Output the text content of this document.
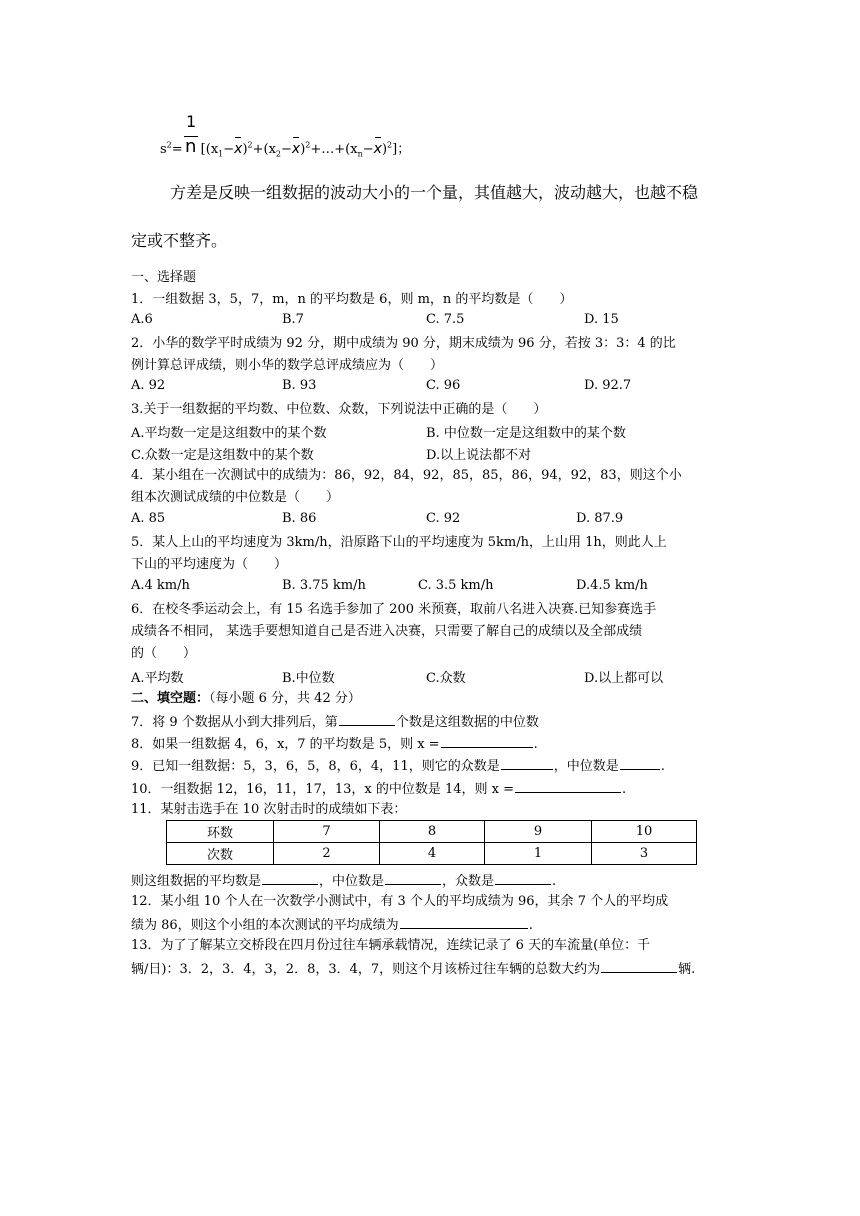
1
$s^2=$ $[(x_1-x)^2+(x_2-x)^2+\dots+(x_n-x)^2]$；
n
方差是反映一组数据的波动大小的一个量，其值越大，波动越大，也越不稳
定或不整齐。
一、选择题
1．一组数据 3，5，7，m，n 的平均数是 6，则 m，n 的平均数是（　　）
A.6	B.7	C. 7.5	D. 15
2．小华的数学平时成绩为 92 分，期中成绩为 90 分，期末成绩为 96 分，若按 3：3：4 的比
例计算总评成绩，则小华的数学总评成绩应为（　　）
A. 92	B. 93	C. 96	D. 92.7
3.关于一组数据的平均数、中位数、众数，下列说法中正确的是（　　）
A.平均数一定是这组数中的某个数	B. 中位数一定是这组数中的某个数
C.众数一定是这组数中的某个数	D.以上说法都不对
4．某小组在一次测试中的成绩为：86，92，84，92，85，85，86，94，92，83，则这个小
组本次测试成绩的中位数是（　　）
A. 85	B. 86	C. 92	D. 87.9
5．某人上山的平均速度为 3km/h，沿原路下山的平均速度为 5km/h，上山用 1h，则此人上
下山的平均速度为（　　）
A.4 km/h	B. 3.75 km/h	C. 3.5 km/h	D.4.5 km/h
6．在校冬季运动会上，有 15 名选手参加了 200 米预赛，取前八名进入决赛.已知参赛选手
成绩各不相同， 某选手要想知道自己是否进入决赛，只需要了解自己的成绩以及全部成绩
的（　　）
A.平均数	B.中位数	C.众数	D.以上都可以
二、填空题：（每小题 6 分，共 42 分）
7．将 9 个数据从小到大排列后，第	个数是这组数据的中位数
8．如果一组数据 4，6，x，7 的平均数是 5，则 x =	.
9．已知一组数据：5，3，6，5，8，6，4，11，则它的众数是	，中位数是	.
10．一组数据 12，16，11，17，13，x 的中位数是 14，则 x =	.
11．某射击选手在 10 次射击时的成绩如下表：
环数	7	8	9	10
次数	2	4	1	3
则这组数据的平均数是	，中位数是	，众数是	.
12．某小组 10 个人在一次数学小测试中，有 3 个人的平均成绩为 96，其余 7 个人的平均成
绩为 86，则这个小组的本次测试的平均成绩为	.
13．为了了解某立交桥段在四月份过往车辆承载情况，连续记录了 6 天的车流量(单位：千
辆/日)：3．2，3．4，3，2．8，3．4，7，则这个月该桥过往车辆的总数大约为	辆.
